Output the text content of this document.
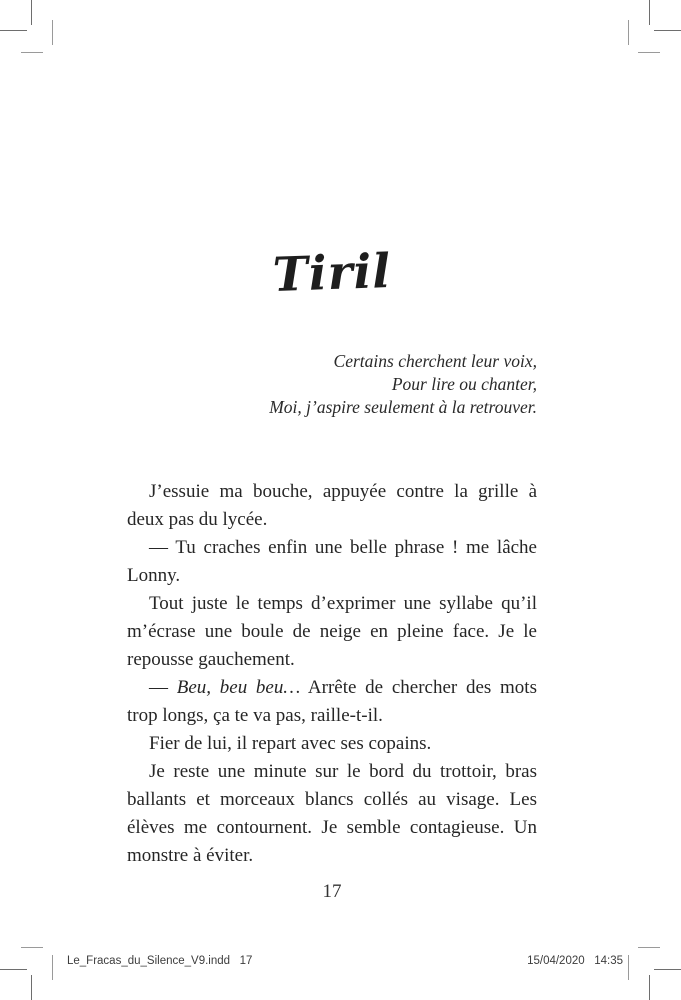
Tiril
Certains cherchent leur voix,
Pour lire ou chanter,
Moi, j’aspire seulement à la retrouver.

J’essuie ma bouche, appuyée contre la grille à deux pas du lycée.

— Tu craches enfin une belle phrase ! me lâche Lonny.

Tout juste le temps d’exprimer une syllabe qu’il m’écrase une boule de neige en pleine face. Je le repousse gauchement.

— Beu, beu beu… Arrête de chercher des mots trop longs, ça te va pas, raille-t-il.

Fier de lui, il repart avec ses copains.

Je reste une minute sur le bord du trottoir, bras ballants et morceaux blancs collés au visage. Les élèves me contournent. Je semble contagieuse. Un monstre à éviter.

17
Le_Fracas_du_Silence_V9.indd   17	15/04/2020   14:35
